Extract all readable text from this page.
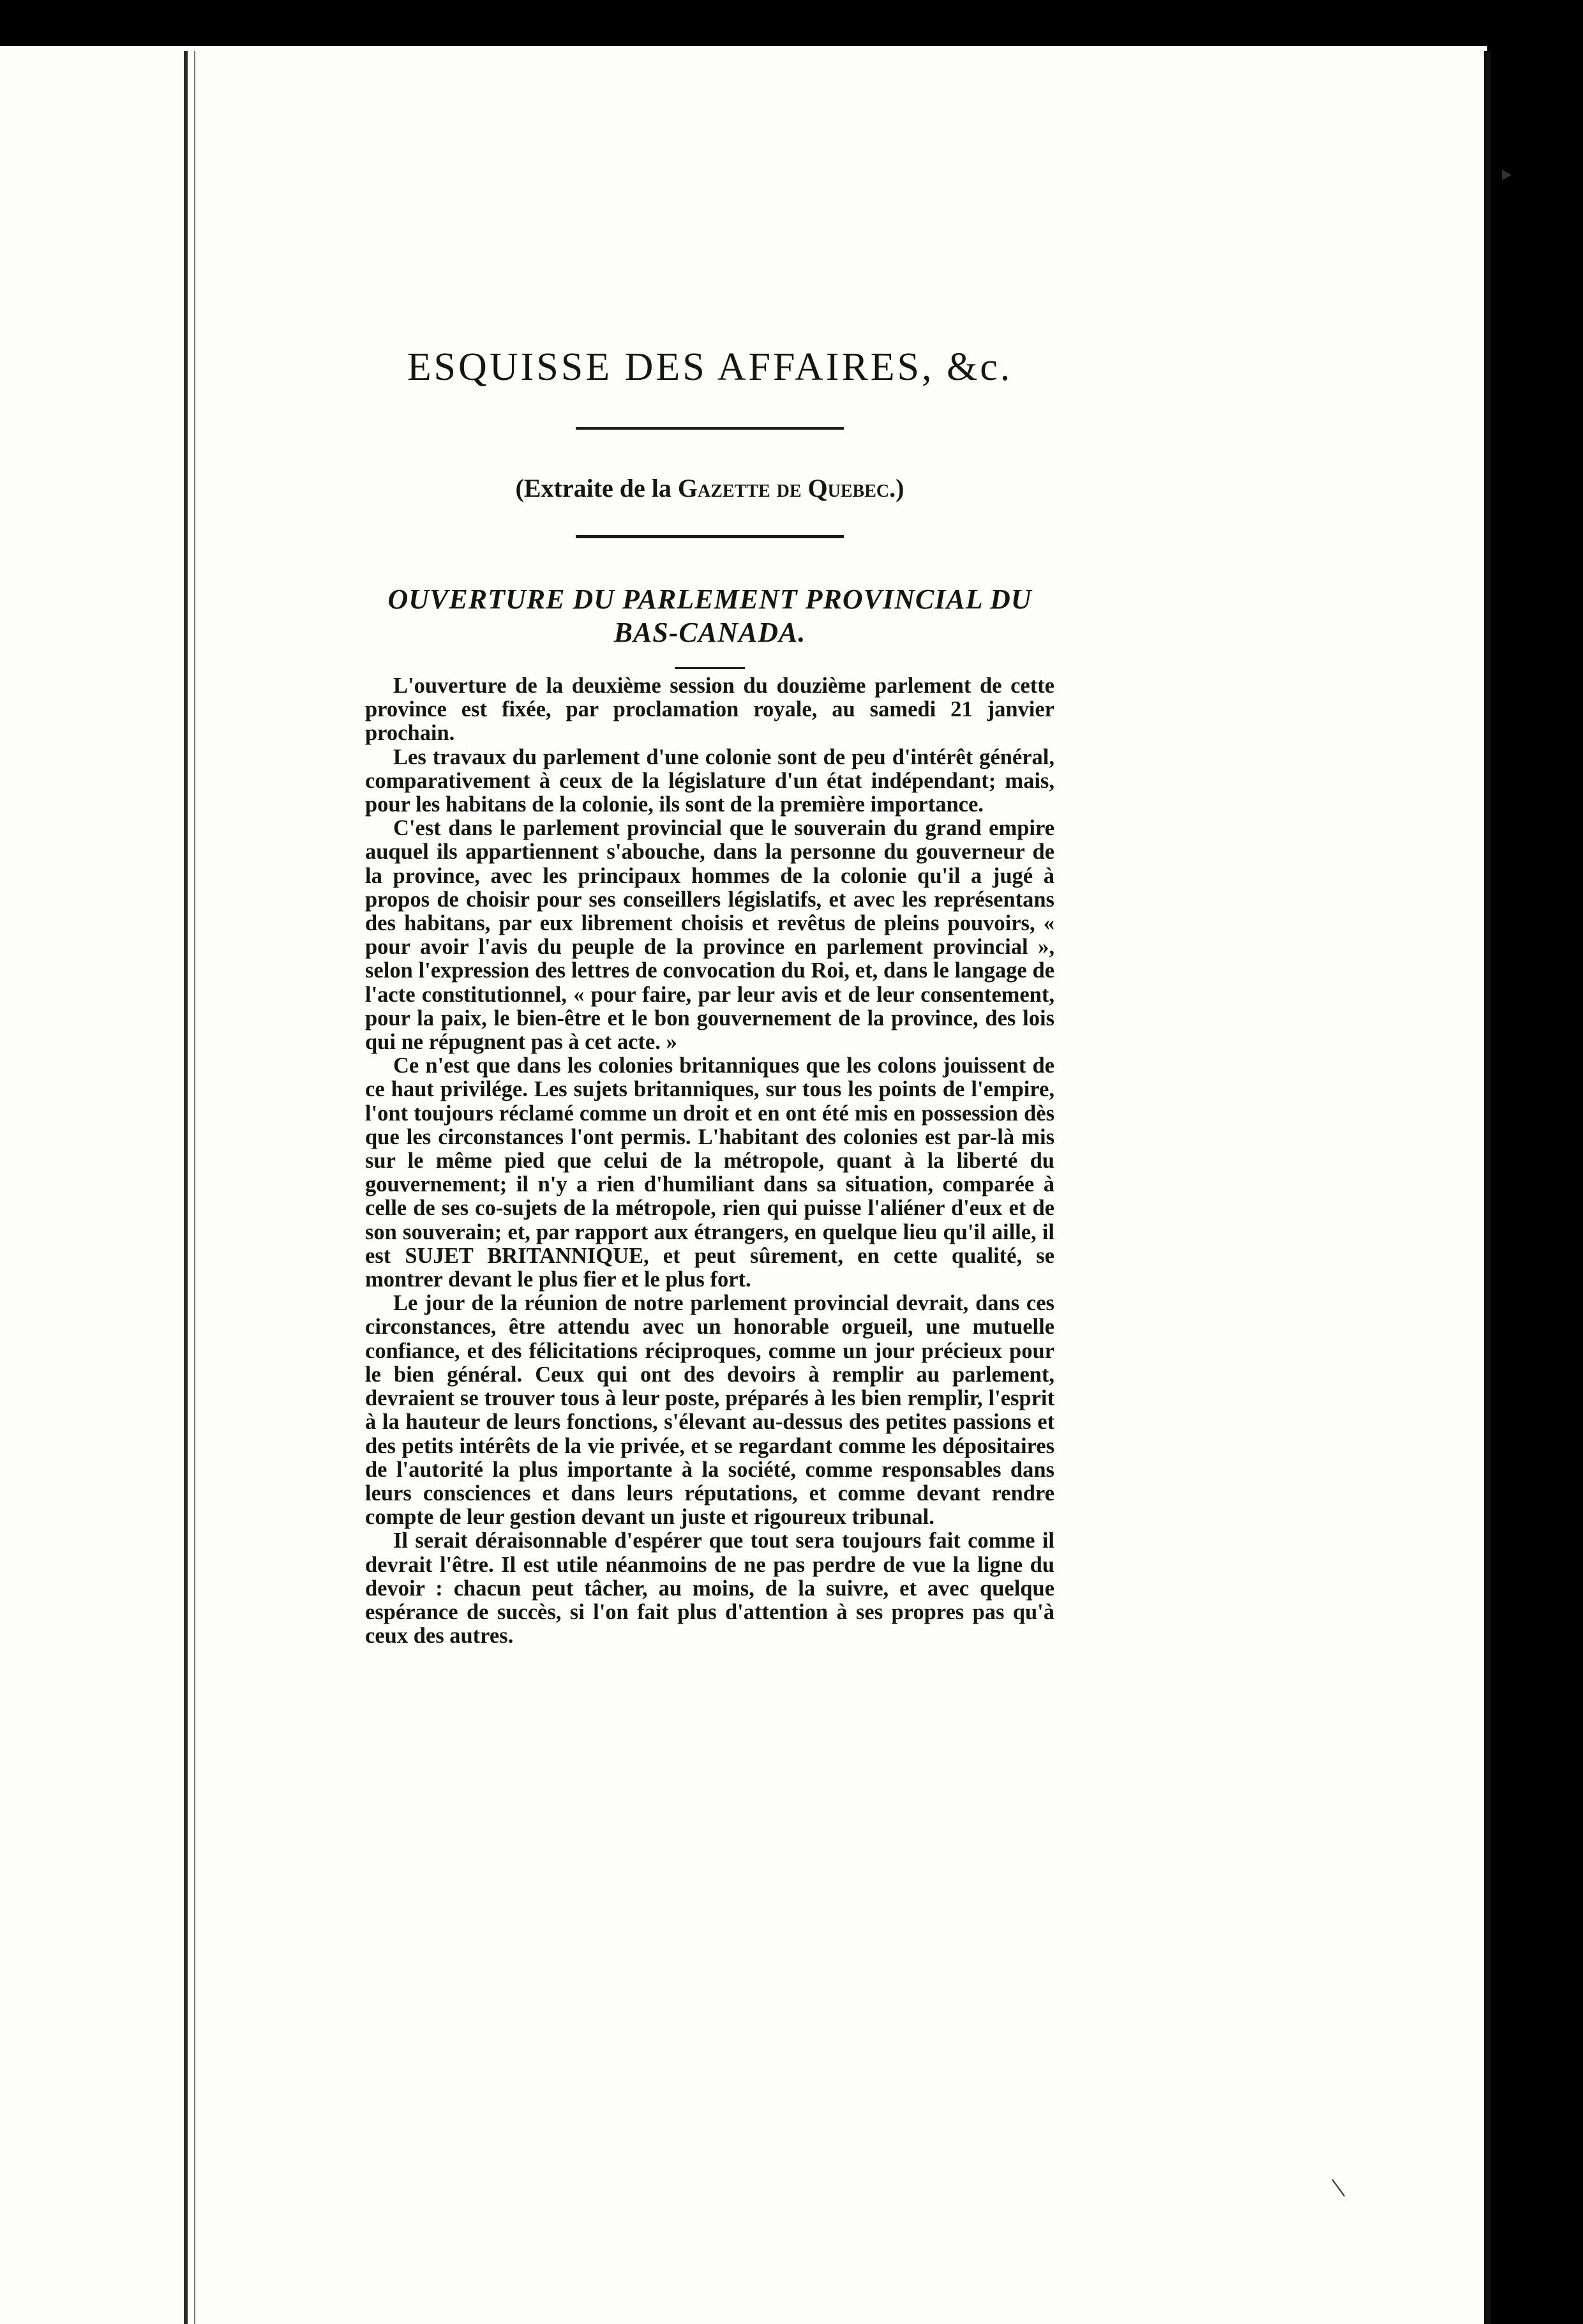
‣
/
ESQUISSE DES AFFAIRES, &c.

(Extraite de la Gazette de Quebec.)

OUVERTURE DU PARLEMENT PROVINCIAL DU BAS-CANADA.

L'ouverture de la deuxième session du douzième parlement de cette province est fixée, par proclamation royale, au samedi 21 janvier prochain.

Les travaux du parlement d'une colonie sont de peu d'intérêt général, comparativement à ceux de la législature d'un état indépendant; mais, pour les habitans de la colonie, ils sont de la première importance.

C'est dans le parlement provincial que le souverain du grand empire auquel ils appartiennent s'abouche, dans la personne du gouverneur de la province, avec les principaux hommes de la colonie qu'il a jugé à propos de choisir pour ses conseillers législatifs, et avec les représentans des habitans, par eux librement choisis et revêtus de pleins pouvoirs, « pour avoir l'avis du peuple de la province en parlement provincial », selon l'expression des lettres de convocation du Roi, et, dans le langage de l'acte constitutionnel, « pour faire, par leur avis et de leur consentement, pour la paix, le bien-être et le bon gouvernement de la province, des lois qui ne répugnent pas à cet acte. »

Ce n'est que dans les colonies britanniques que les colons jouissent de ce haut privilége. Les sujets britanniques, sur tous les points de l'empire, l'ont toujours réclamé comme un droit et en ont été mis en possession dès que les circonstances l'ont permis. L'habitant des colonies est par-là mis sur le même pied que celui de la métropole, quant à la liberté du gouvernement; il n'y a rien d'humiliant dans sa situation, comparée à celle de ses co-sujets de la métropole, rien qui puisse l'aliéner d'eux et de son souverain; et, par rapport aux étrangers, en quelque lieu qu'il aille, il est SUJET BRITANNIQUE, et peut sûrement, en cette qualité, se montrer devant le plus fier et le plus fort.

Le jour de la réunion de notre parlement provincial devrait, dans ces circonstances, être attendu avec un honorable orgueil, une mutuelle confiance, et des félicitations réciproques, comme un jour précieux pour le bien général. Ceux qui ont des devoirs à remplir au parlement, devraient se trouver tous à leur poste, préparés à les bien remplir, l'esprit à la hauteur de leurs fonctions, s'élevant au-dessus des petites passions et des petits intérêts de la vie privée, et se regardant comme les dépositaires de l'autorité la plus importante à la société, comme responsables dans leurs consciences et dans leurs réputations, et comme devant rendre compte de leur gestion devant un juste et rigoureux tribunal.

Il serait déraisonnable d'espérer que tout sera toujours fait comme il devrait l'être. Il est utile néanmoins de ne pas perdre de vue la ligne du devoir : chacun peut tâcher, au moins, de la suivre, et avec quelque espérance de succès, si l'on fait plus d'attention à ses propres pas qu'à ceux des autres.
